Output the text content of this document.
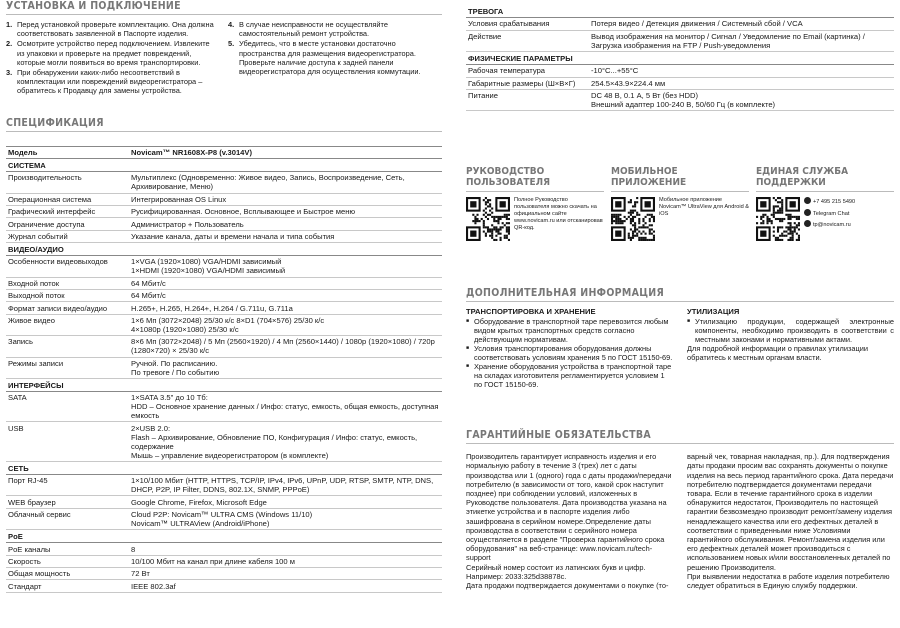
УСТАНОВКА И ПОДКЛЮЧЕНИЕ
1. Перед установкой проверьте комплектацию. Она должна соответствовать заявленной в Паспорте изделия.
2. Осмотрите устройство перед подключением. Извлеките из упаковки и проверьте на предмет повреждений, которые могли появиться во время транспортировки.
3. При обнаружении каких-либо несоответствий в комплектации или повреждений видеорегистратора – обратитесь к Продавцу для замены устройства.
4. В случае неисправности не осуществляйте самостоятельный ремонт устройства.
5. Убедитесь, что в месте установки достаточно пространства для размещения видеорегистратора. Проверьте наличие доступа к задней панели видеорегистратора для осуществления коммутации.
СПЕЦИФИКАЦИЯ
Модель	Novicam™ NR1608X-P8 (v.3014V)
СИСТЕМА	
Производительность	Мультиплекс (Одновременно: Живое видео, Запись, Воспроизведение, Сеть, Архивирование, Меню)
Операционная система	Интегрированная OS Linux
Графический интерфейс	Русифицированная. Основное, Всплывающее и Быстрое меню
Ограничение доступа	Администратор + Пользователь
Журнал событий	Указание канала, даты и времени начала и типа события
ВИДЕО/АУДИО	
Особенности видеовыходов	1×VGA (1920×1080) VGA/HDMI зависимый
1×HDMI (1920×1080) VGA/HDMI зависимый
Входной поток	64 Мбит/с
Выходной поток	64 Мбит/с
Формат записи видео/аудио	H.265+, H.265, H.264+, H.264 / G.711u, G.711a
Живое видео	1×6 Мп (3072×2048) 25/30 к/с 8×D1 (704×576) 25/30 к/с
4×1080p (1920×1080) 25/30 к/с
Запись	8×6 Мп (3072×2048) / 5 Мп (2560×1920) / 4 Мп (2560×1440) / 1080p (1920×1080) / 720p (1280×720) × 25/30 к/с
Режимы записи	Ручной. По расписанию.
По тревоге / По событию
ИНТЕРФЕЙСЫ	
SATA	1×SATA 3.5" до 10 Тб:
HDD – Основное хранение данных / Инфо: статус, емкость, общая емкость, доступная емкость
USB	2×USB 2.0:
Flash – Архивирование, Обновление ПО, Конфигурация / Инфо: статус, емкость, содержание
Мышь – управление видеорегистратором (в комплекте)
СЕТЬ	
Порт RJ-45	1×10/100 Мбит (HTTP, HTTPS, TCP/IP, IPv4, IPv6, UPnP, UDP, RTSP, SMTP, NTP, DNS, DHCP, P2P, IP Filter, DDNS, 802.1X, SNMP, PPPoE)
WEB браузер	Google Chrome, Firefox, Microsoft Edge
Облачный сервис	Cloud P2P: Novicam™ ULTRA CMS (Windows 11/10)
Novicam™ ULTRAView (Android/iPhone)
PoE	
PoE каналы	8
Скорость	10/100 Мбит на канал при длине кабеля 100 м
Общая мощность	72 Вт
Стандарт	IEEE 802.3af
ТРЕВОГА	
Условия срабатывания	Потеря видео / Детекция движения / Системный сбой / VCA
Действие	Вывод изображения на монитор / Сигнал / Уведомление по Email (картинка) / Загрузка изображения на FTP / Push-уведомления
ФИЗИЧЕСКИЕ ПАРАМЕТРЫ	
Рабочая температура	-10°C...+55°C
Габаритные размеры (Ш×В×Г)	254.5×43.9×224.4 мм
Питание	DC 48 В, 0.1 А, 5 Вт (без HDD)
Внешний адаптер 100-240 В, 50/60 Гц (в комплекте)
РУКОВОДСТВО ПОЛЬЗОВАТЕЛЯ
Полное Руководство пользователя можно скачать на официальном сайте www.novicam.ru или отсканировав QR-код.
МОБИЛЬНОЕ ПРИЛОЖЕНИЕ
Мобильное приложение Novicam™ UltraView для Android & iOS
ЕДИНАЯ СЛУЖБА ПОДДЕРЖКИ
+7 495 215 5490
Telegram Chat
tp@novicam.ru
ДОПОЛНИТЕЛЬНАЯ ИНФОРМАЦИЯ
ТРАНСПОРТИРОВКА И ХРАНЕНИЕ
■ Оборудование в транспортной таре перевозится любым видом крытых транспортных средств согласно действующим нормативам.
■ Условия транспортирования оборудования должны соответствовать условиям хранения 5 по ГОСТ 15150-69.
■ Хранение оборудования устройства в транспортной таре на складах изготовителя регламентируется условием 1 по ГОСТ 15150-69.
УТИЛИЗАЦИЯ
■ Утилизацию продукции, содержащей электронные компоненты, необходимо производить в соответствии с местными законами и нормативными актами.
Для подробной информации о правилах утилизации обратитесь к местным органам власти.
ГАРАНТИЙНЫЕ ОБЯЗАТЕЛЬСТВА
Производитель гарантирует исправность изделия и его нормальную работу в течение 3 (трех) лет с даты производства или 1 (одного) года с даты продажи/передачи потребителю (в зависимости от того, какой срок наступит позднее) при соблюдении условий, изложенных в Руководстве пользователя. Дата производства указана на этикетке устройства и в паспорте изделия либо зашифрована в серийном номере.Определение даты производства в соответствии с серийного номера осуществляется в разделе "Проверка гарантийного срока оборудования" на веб-странице: www.novicam.ru/tech-support
Серийный номер состоит из латинских букв и цифр. Например: 2033:325d38878c.
Дата продажи подтверждается документами о покупке (то-
варный чек, товарная накладная, пр.). Для подтверждения даты продажи просим вас сохранять документы о покупке изделия на весь период гарантийного срока. Дата передачи потребителю подтверждается документами передачи товара. Если в течение гарантийного срока в изделии обнаружится недостаток, Производитель по настоящей гарантии безвозмездно производит ремонт/замену изделия ненадлежащего качества или его дефектных деталей в соответствии с приведенными ниже Условиями гарантийного обслуживания. Ремонт/замена изделия или его дефектных деталей может производиться с использованием новых и/или восстановленных деталей по решению Производителя.
При выявлении недостатка в работе изделия потребителю следует обратиться в Единую службу поддержки.
